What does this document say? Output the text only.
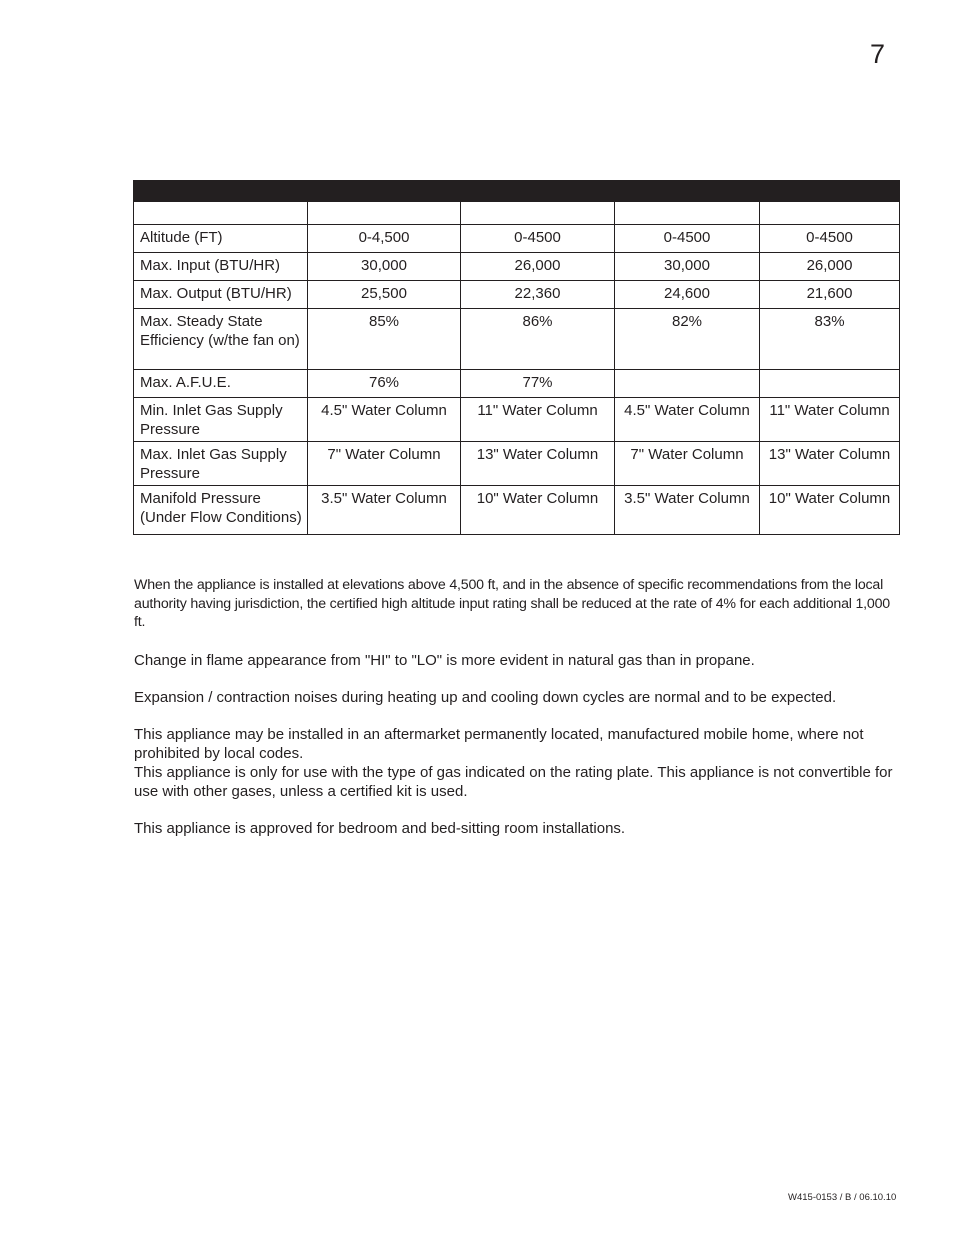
7

Altitude (FT)	0-4,500	0-4500	0-4500	0-4500
Max. Input (BTU/HR)	30,000	26,000	30,000	26,000
Max. Output (BTU/HR)	25,500	22,360	24,600	21,600
Max. Steady State Efficiency (w/the fan on)	85%	86%	82%	83%
Max. A.F.U.E.	76%	77%		
Min. Inlet Gas Supply Pressure	4.5" Water Column	11" Water Column	4.5" Water Column	11" Water Column
Max. Inlet Gas Supply Pressure	7" Water Column	13" Water Column	7" Water Column	13" Water Column
Manifold Pressure (Under Flow Conditions)	3.5" Water Column	10" Water Column	3.5" Water Column	10" Water Column

When the appliance is installed at elevations above 4,500 ft, and in the absence of specific recommendations from the local authority having jurisdiction, the certified high altitude input rating shall be reduced at the rate of 4% for each additional 1,000 ft.

Change in flame appearance from "HI" to "LO" is more evident in natural gas than in propane.

Expansion / contraction noises during heating up and cooling down cycles are normal and to be expected.

This appliance may be installed in an aftermarket permanently located, manufactured mobile home, where not prohibited by local codes.

This appliance is only for use with the type of gas indicated on the rating plate. This appliance is not convertible for use with other gases, unless a certified kit is used.

This appliance is approved for bedroom and bed-sitting room installations.

W415-0153 / B / 06.10.10
